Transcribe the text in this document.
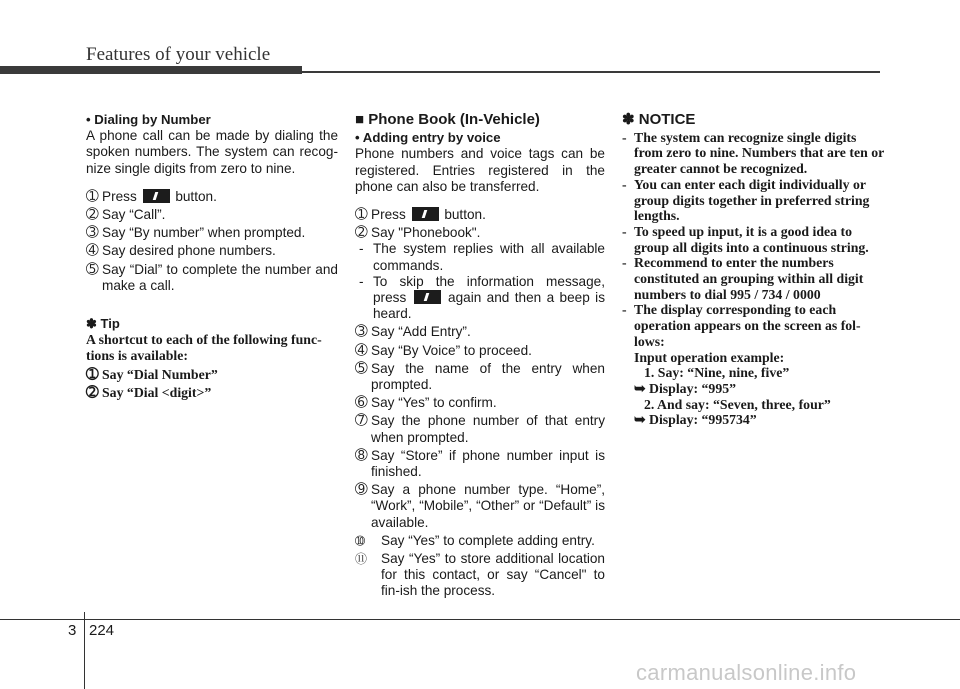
Features of your vehicle

• Dialing by Number

A phone call can be made by dialing the spoken numbers. The system can recog-nize single digits from zero to nine.

➀ Press	button.
➁ Say “Call”.
➂ Say “By number” when prompted.
➃ Say desired phone numbers.
➄ Say “Dial” to complete the number and make a call.

✽ Tip

A shortcut to each of the following func-tions is available:

➀ Say “Dial Number”
➁ Say “Dial <digit>”

■ Phone Book (In-Vehicle)

• Adding entry by voice

Phone numbers and voice tags can be registered. Entries registered in the phone can also be transferred.

➀ Press	button.
➁ Say "Phonebook".
- The system replies with all available commands.
- To skip the information message, press	again and then a beep is heard.
➂ Say “Add Entry”.
➃ Say “By Voice” to proceed.
➄ Say the name of the entry when prompted.
➅ Say “Yes” to confirm.
➆ Say the phone number of that entry when prompted.
➇ Say “Store” if phone number input is finished.
➈ Say a phone number type. “Home”, “Work”, “Mobile”, “Other” or “Default” is available.
➉	Say “Yes” to complete adding entry.
⑪	Say “Yes” to store additional location for this contact, or say “Cancel" to fin-ish the process.

✽ NOTICE

- The system can recognize single digits from zero to nine. Numbers that are ten or greater cannot be recognized.
- You can enter each digit individually or group digits together in preferred string lengths.
- To speed up input, it is a good idea to group all digits into a continuous string.
- Recommend to enter the numbers constituted an grouping within all digit numbers to dial 995 / 734 / 0000
- The display corresponding to each operation appears on the screen as fol-lows:

Input operation example:

1. Say: “Nine, nine, five”

➥ Display: “995”

2. And say: “Seven, three, four”

➥ Display: “995734”

3 224
carmanualsonline.info
